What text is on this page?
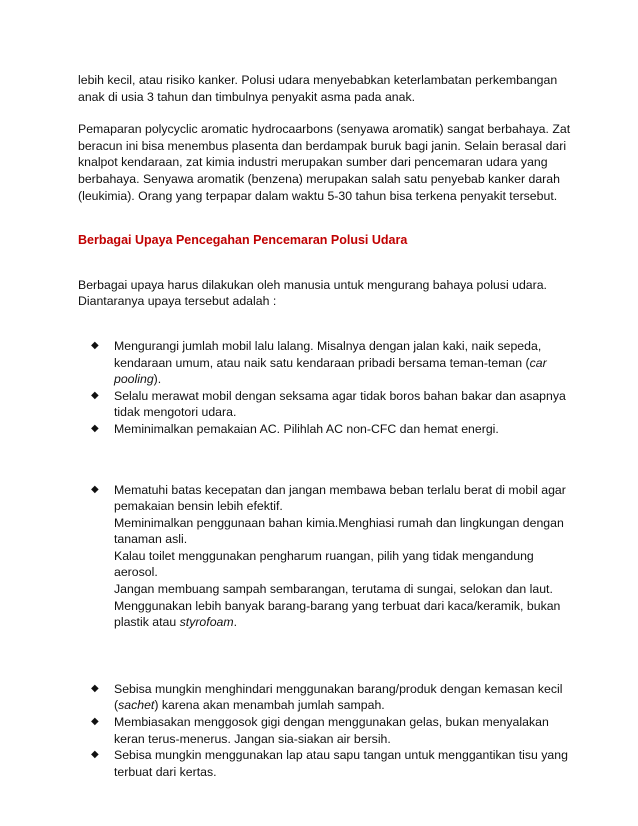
lebih kecil, atau risiko kanker. Polusi udara menyebabkan keterlambatan perkembangan anak di usia 3 tahun dan timbulnya penyakit asma pada anak.

Pemaparan polycyclic aromatic hydrocaarbons (senyawa aromatik) sangat berbahaya. Zat beracun ini bisa menembus plasenta dan berdampak buruk bagi janin. Selain berasal dari knalpot kendaraan, zat kimia industri merupakan sumber dari pencemaran udara yang berbahaya. Senyawa aromatik (benzena) merupakan salah satu penyebab kanker darah (leukimia). Orang yang terpapar dalam waktu 5-30 tahun bisa terkena penyakit tersebut.

Berbagai Upaya Pencegahan Pencemaran Polusi Udara

Berbagai upaya harus dilakukan oleh manusia untuk mengurang bahaya polusi udara. Diantaranya upaya tersebut adalah :

◆ Mengurangi jumlah mobil lalu lalang. Misalnya dengan jalan kaki, naik sepeda, kendaraan umum, atau naik satu kendaraan pribadi bersama teman-teman (car pooling).
◆ Selalu merawat mobil dengan seksama agar tidak boros bahan bakar dan asapnya tidak mengotori udara.
◆ Meminimalkan pemakaian AC. Pilihlah AC non-CFC dan hemat energi.
◆ Mematuhi batas kecepatan dan jangan membawa beban terlalu berat di mobil agar pemakaian bensin lebih efektif.
Meminimalkan penggunaan bahan kimia.Menghiasi rumah dan lingkungan dengan tanaman asli.
Kalau toilet menggunakan pengharum ruangan, pilih yang tidak mengandung aerosol.
Jangan membuang sampah sembarangan, terutama di sungai, selokan dan laut.
Menggunakan lebih banyak barang-barang yang terbuat dari kaca/keramik, bukan plastik atau styrofoam.
◆ Sebisa mungkin menghindari menggunakan barang/produk dengan kemasan kecil (sachet) karena akan menambah jumlah sampah.
◆ Membiasakan menggosok gigi dengan menggunakan gelas, bukan menyalakan keran terus-menerus. Jangan sia-siakan air bersih.
◆ Sebisa mungkin menggunakan lap atau sapu tangan untuk menggantikan tisu yang terbuat dari kertas.
